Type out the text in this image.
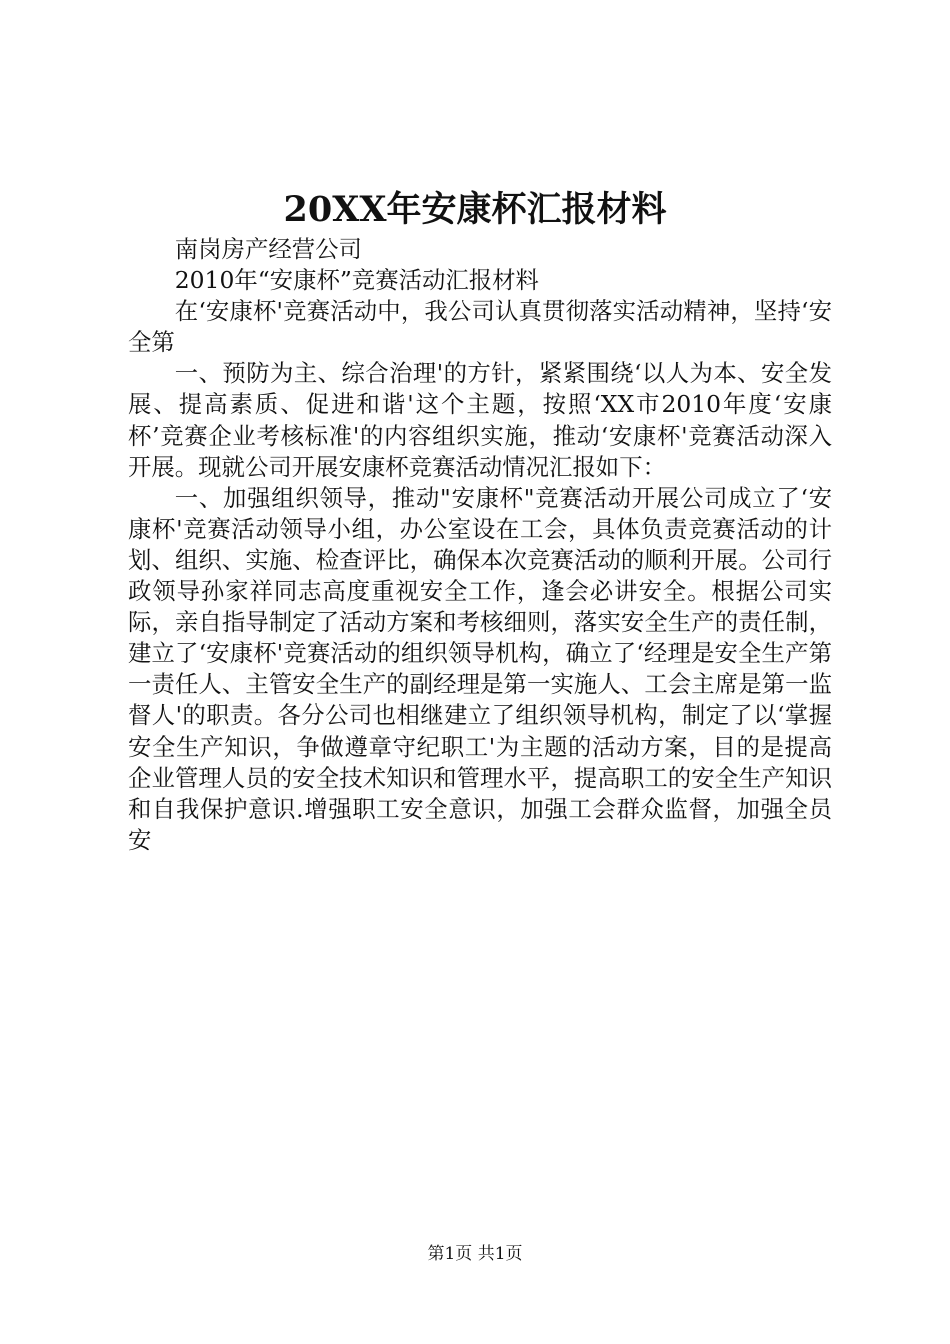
20XX年安康杯汇报材料

南岗房产经营公司

2010年“安康杯”竞赛活动汇报材料

在‘安康杯'竞赛活动中，我公司认真贯彻落实活动精神，坚持‘安全第

一、预防为主、综合治理'的方针，紧紧围绕‘以人为本、安全发展、提高素质、促进和谐'这个主题，按照‘XX市2010年度‘安康杯’竞赛企业考核标准'的内容组织实施，推动‘安康杯'竞赛活动深入开展。现就公司开展安康杯竞赛活动情况汇报如下：

一、加强组织领导，推动"安康杯"竞赛活动开展公司成立了‘安康杯'竞赛活动领导小组，办公室设在工会，具体负责竞赛活动的计划、组织、实施、检查评比，确保本次竞赛活动的顺利开展。公司行政领导孙家祥同志高度重视安全工作，逢会必讲安全。根据公司实际，亲自指导制定了活动方案和考核细则，落实安全生产的责任制，建立了‘安康杯'竞赛活动的组织领导机构，确立了‘经理是安全生产第一责任人、主管安全生产的副经理是第一实施人、工会主席是第一监督人'的职责。各分公司也相继建立了组织领导机构，制定了以‘掌握安全生产知识，争做遵章守纪职工'为主题的活动方案，目的是提高企业管理人员的安全技术知识和管理水平，提高职工的安全生产知识和自我保护意识.增强职工安全意识，加强工会群众监督，加强全员安

第1页 共1页
